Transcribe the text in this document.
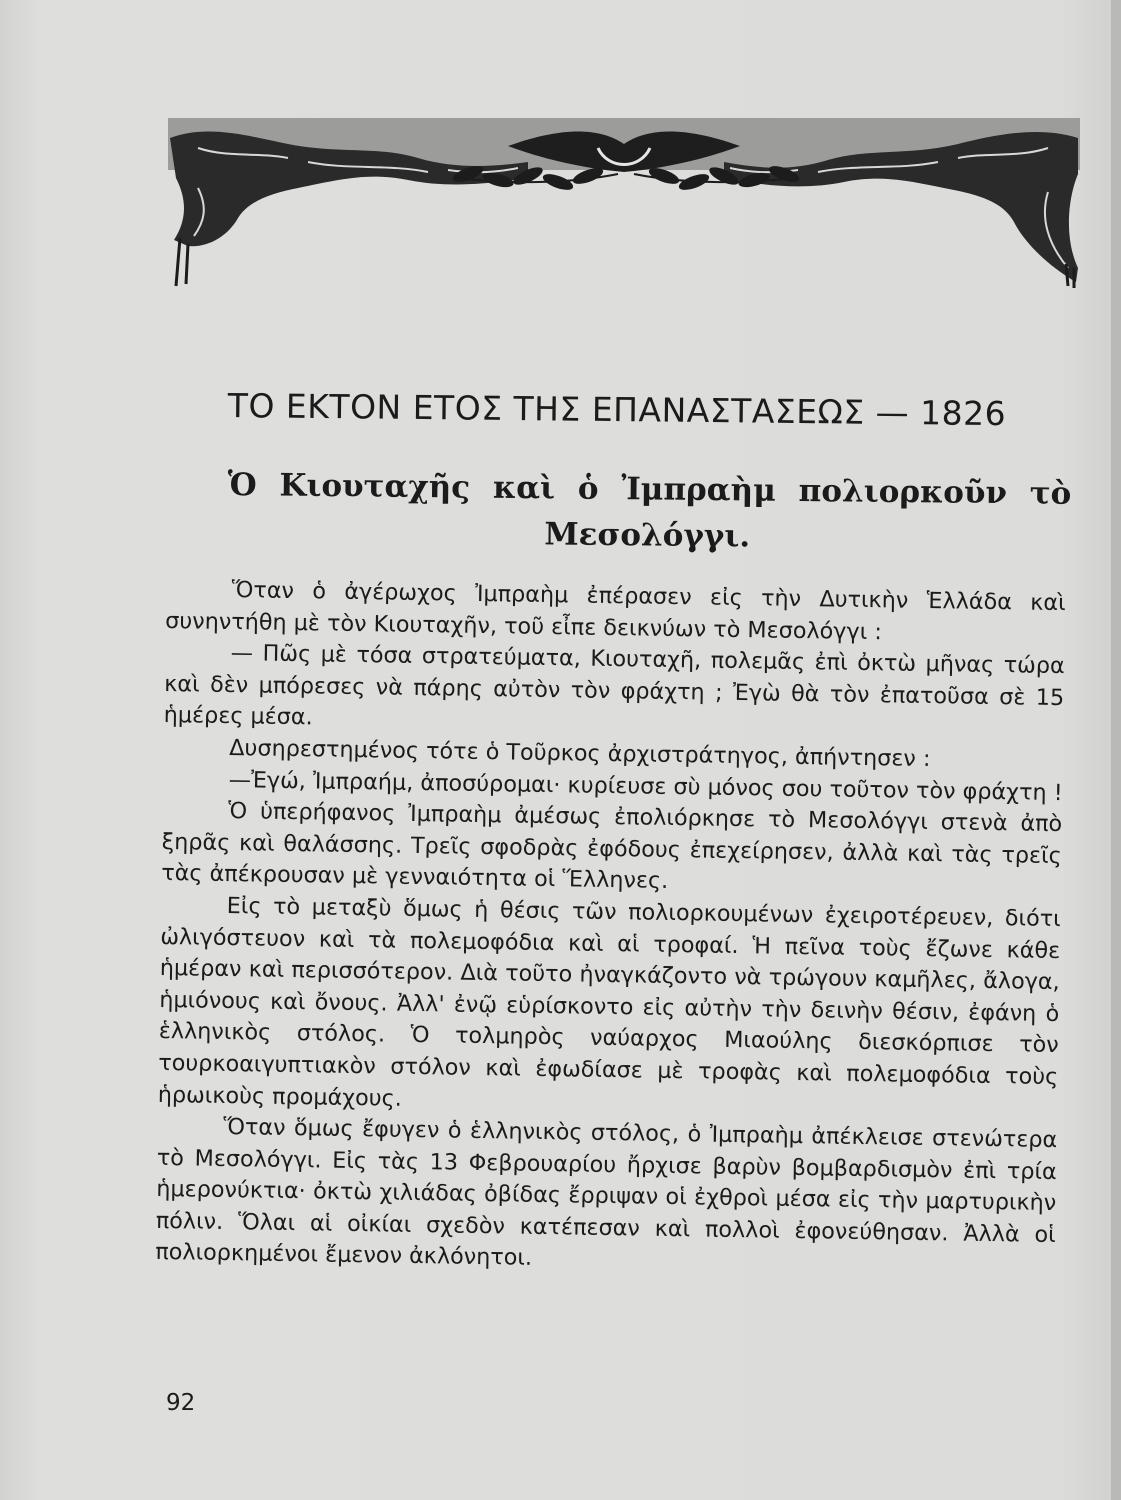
ΤΟ ΕΚΤΟΝ ΕΤΟΣ ΤΗΣ ΕΠΑΝΑΣΤΑΣΕΩΣ — 1826
Ὁ Κιουταχῆς καὶ ὁ Ἰμπραὴμ πολιορκοῦν τὸ
Μεσολόγγι.

Ὅταν ὁ ἀγέρωχος Ἰμπραὴμ ἐπέρασεν εἰς τὴν Δυτικὴν Ἑλλάδα καὶ συνηντήθη μὲ τὸν Κιουταχῆν, τοῦ εἶπε δεικνύων τὸ Μεσολόγγι :

— Πῶς μὲ τόσα στρατεύματα, Κιουταχῆ, πολεμᾶς ἐπὶ ὀκτὼ μῆνας τώρα καὶ δὲν μπόρεσες νὰ πάρης αὐτὸν τὸν φράχτη ; Ἐγὼ θὰ τὸν ἐπατοῦσα σὲ 15 ἡμέρες μέσα.

Δυσηρεστημένος τότε ὁ Τοῦρκος ἀρχιστράτηγος, ἀπήντησεν :

—Ἐγώ, Ἰμπραήμ, ἀποσύρομαι· κυρίευσε σὺ μόνος σου τοῦτον τὸν φράχτη !

Ὁ ὑπερήφανος Ἰμπραὴμ ἀμέσως ἐπολιόρκησε τὸ Μεσολόγγι στενὰ ἀπὸ ξηρᾶς καὶ θαλάσσης. Τρεῖς σφοδρὰς ἐφόδους ἐπεχείρησεν, ἀλλὰ καὶ τὰς τρεῖς τὰς ἀπέκρουσαν μὲ γενναιότητα οἱ Ἕλληνες.

Εἰς τὸ μεταξὺ ὅμως ἡ θέσις τῶν πολιορκουμένων ἐχειροτέρευεν, διότι ὠλιγόστευον καὶ τὰ πολεμοφόδια καὶ αἱ τροφαί. Ἡ πεῖνα τοὺς ἔζωνε κάθε ἡμέραν καὶ περισσότερον. Διὰ τοῦτο ἠναγκάζοντο νὰ τρώγουν καμῆλες, ἄλογα, ἡμιόνους καὶ ὄνους. Ἀλλ' ἐνῷ εὑρίσκοντο εἰς αὐτὴν τὴν δεινὴν θέσιν, ἐφάνη ὁ ἑλληνικὸς στόλος. Ὁ τολμηρὸς ναύαρχος Μιαούλης διεσκόρπισε τὸν τουρκοαιγυπτιακὸν στόλον καὶ ἐφωδίασε μὲ τροφὰς καὶ πολεμοφόδια τοὺς ἡρωικοὺς προμάχους.

Ὅταν ὅμως ἔφυγεν ὁ ἑλληνικὸς στόλος, ὁ Ἰμπραὴμ ἀπέκλεισε στενώτερα τὸ Μεσολόγγι. Εἰς τὰς 13 Φεβρουαρίου ἤρχισε βαρὺν βομβαρδισμὸν ἐπὶ τρία ἡμερονύκτια· ὀκτὼ χιλιάδας ὀβίδας ἔρριψαν οἱ ἐχθροὶ μέσα εἰς τὴν μαρτυρικὴν πόλιν. Ὅλαι αἱ οἰκίαι σχεδὸν κατέπεσαν καὶ πολλοὶ ἐφονεύθησαν. Ἀλλὰ οἱ πολιορκημένοι ἔμενον ἀκλόνητοι.

92
